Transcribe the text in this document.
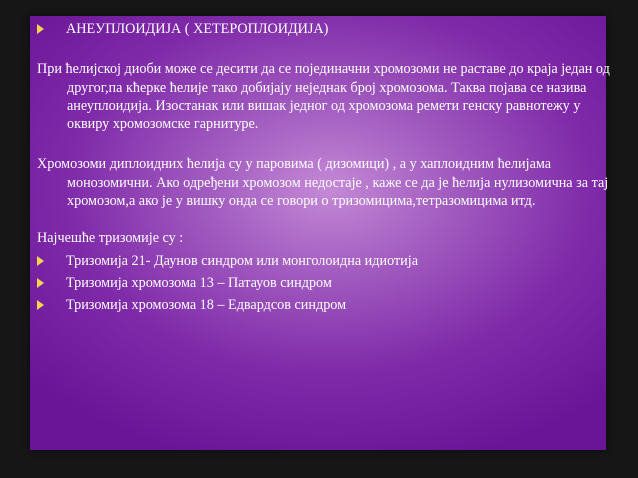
АНЕУПЛОИДИЈА ( ХЕТЕРОПЛОИДИЈА)
При ћелијској диоби може се десити да се појединачни хромозоми не раставе до краја један од другог,па кћерке ћелије тако добијају неједнак број хромозома. Таква појава се назива анеуплоидија. Изостанак или вишак једног од хромозома ремети генску равнотежу у оквиру хромозомске гарнитуре.
Хромозоми диплоидних ћелија су у паровима ( дизомици) , а у хаплоидним ћелијама монозомични. Ако одређени хромозом недостаје , каже се да је ћелија нулизомична за тај хромозом,а ако је у вишку онда се говори о тризомицима,тетразомицима итд.
Најчешће тризомије су :
Тризомија 21- Даунов синдром или монголоидна идиотија
Тризомија хромозома 13 – Патауов синдром
Тризомија хромозома 18 – Едвардсов синдром
